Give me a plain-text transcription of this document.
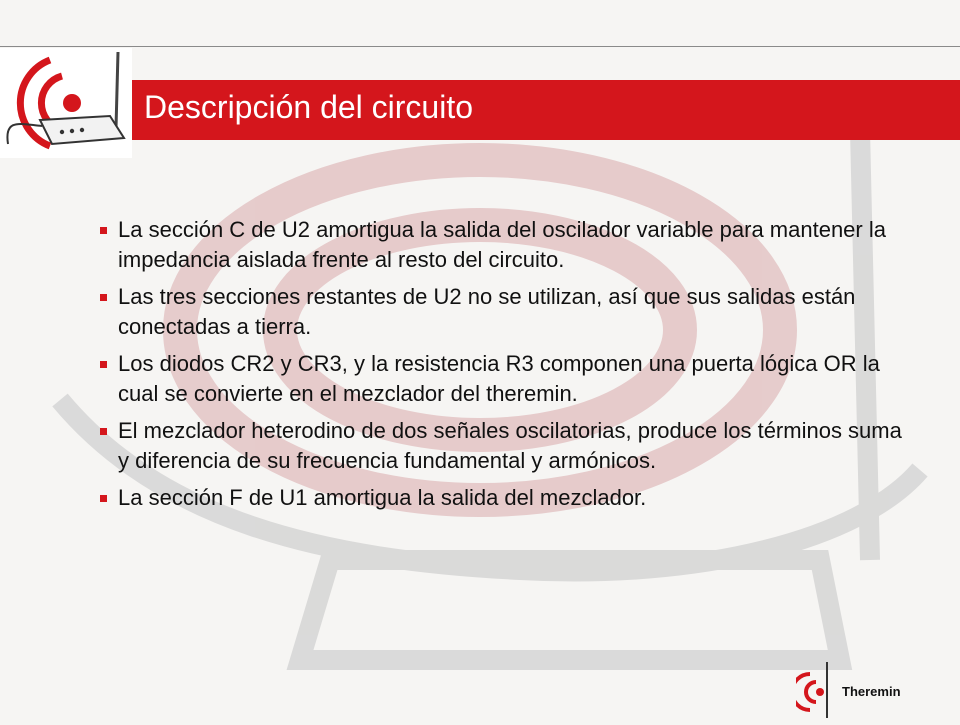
Descripción del circuito
La sección C de U2 amortigua la salida del oscilador variable para mantener la impedancia aislada frente al resto del circuito.
Las tres secciones restantes de U2 no se utilizan, así que sus salidas están conectadas a tierra.
Los diodos CR2 y CR3, y la resistencia R3 componen una puerta lógica OR la cual se convierte en el mezclador del theremin.
El mezclador heterodino de dos señales oscilatorias, produce los términos suma y diferencia de su frecuencia fundamental y armónicos.
La sección F de U1 amortigua la salida del mezclador.
Theremin
